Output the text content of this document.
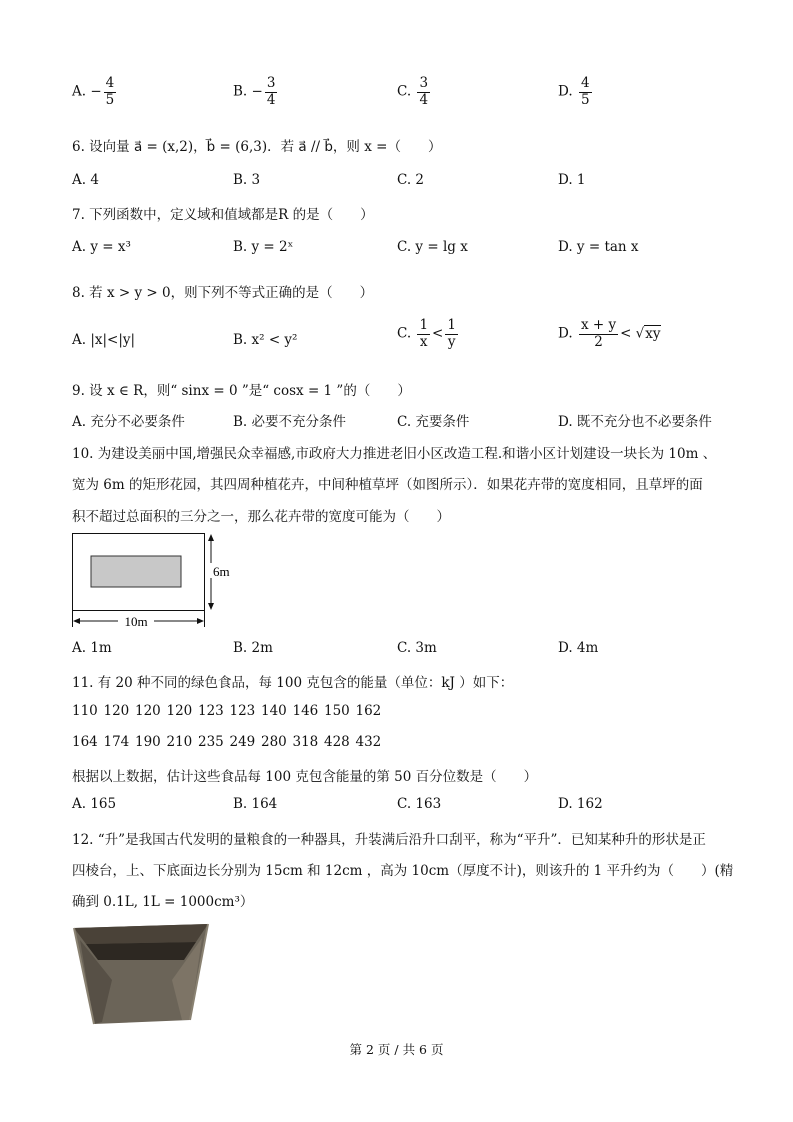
A. − $\frac{4}{5}$	B. − $\frac{3}{4}$	C. $\frac{3}{4}$	D. $\frac{4}{5}$
6. 设向量 a⃗ = (x,2)，b⃗ = (6,3)．若 a⃗ // b⃗，则 x =（　　）
A. 4	B. 3	C. 2	D. 1
7. 下列函数中，定义域和值域都是R 的是（　　）
A. y = x³	B. y = 2ˣ	C. y = lg x	D. y = tan x
8. 若 x > y > 0，则下列不等式正确的是（　　）
A. |x|<|y|	B. x² < y²	C. $\frac{1}{x} < \frac{1}{y}$	D. $\frac{x + y}{2} < √xy$
9. 设 x ∈ R，则“ sinx = 0 ”是“ cosx = 1 ”的（　　）
A. 充分不必要条件	B. 必要不充分条件	C. 充要条件	D. 既不充分也不必要条件
10. 为建设美丽中国,增强民众幸福感,市政府大力推进老旧小区改造工程.和谐小区计划建设一块长为 10m 、
宽为 6m 的矩形花园，其四周种植花卉，中间种植草坪（如图所示）．如果花卉带的宽度相同，且草坪的面
积不超过总面积的三分之一，那么花卉带的宽度可能为（　　）
10m
6m
A. 1m	B. 2m	C. 3m	D. 4m
11. 有 20 种不同的绿色食品，每 100 克包含的能量（单位：kJ ）如下：
110 120 120 120 123 123 140 146 150 162
164 174 190 210 235 249 280 318 428 432
根据以上数据，估计这些食品每 100 克包含能量的第 50 百分位数是（　　）
A. 165	B. 164	C. 163	D. 162
12. “升”是我国古代发明的量粮食的一种器具，升装满后沿升口刮平，称为“平升”．已知某种升的形状是正
四棱台，上、下底面边长分别为 15cm 和 12cm ，高为 10cm（厚度不计)，则该升的 1 平升约为（　　）(精
确到 0.1L, 1L = 1000cm³）
第 2 页 / 共 6 页
